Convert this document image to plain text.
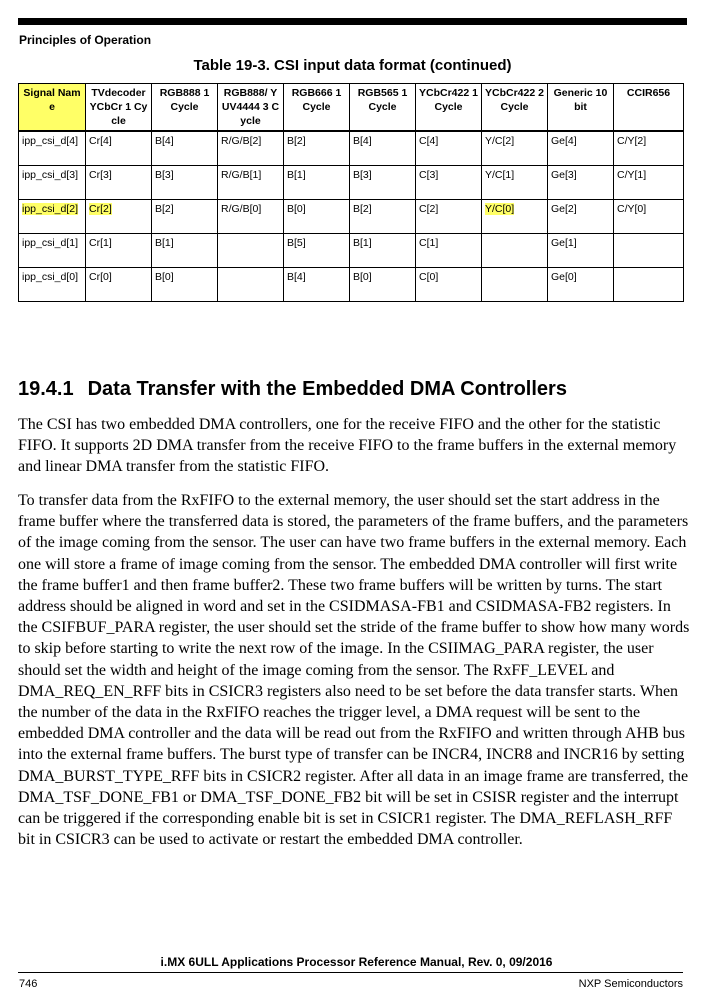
Principles of Operation
Table 19-3. CSI input data format (continued)
Signal Name	TVdecoder YCbCr 1 Cycle	RGB888 1 Cycle	RGB888/ YUV4444 3 Cycle	RGB666 1 Cycle	RGB565 1 Cycle	YCbCr422 1 Cycle	YCbCr422 2 Cycle	Generic 10 bit	CCIR656
ipp_csi_d[4]	Cr[4]	B[4]	R/G/B[2]	B[2]	B[4]	C[4]	Y/C[2]	Ge[4]	C/Y[2]
ipp_csi_d[3]	Cr[3]	B[3]	R/G/B[1]	B[1]	B[3]	C[3]	Y/C[1]	Ge[3]	C/Y[1]
ipp_csi_d[2]	Cr[2]	B[2]	R/G/B[0]	B[0]	B[2]	C[2]	Y/C[0]	Ge[2]	C/Y[0]
ipp_csi_d[1]	Cr[1]	B[1]		B[5]	B[1]	C[1]		Ge[1]	
ipp_csi_d[0]	Cr[0]	B[0]		B[4]	B[0]	C[0]		Ge[0]	
19.4.1 Data Transfer with the Embedded DMA Controllers
The CSI has two embedded DMA controllers, one for the receive FIFO and the other for the statistic FIFO. It supports 2D DMA transfer from the receive FIFO to the frame buffers in the external memory and linear DMA transfer from the statistic FIFO.
To transfer data from the RxFIFO to the external memory, the user should set the start address in the frame buffer where the transferred data is stored, the parameters of the frame buffers, and the parameters of the image coming from the sensor. The user can have two frame buffers in the external memory. Each one will store a frame of image coming from the sensor. The embedded DMA controller will first write the frame buffer1 and then frame buffer2. These two frame buffers will be written by turns. The start address should be aligned in word and set in the CSIDMASA-FB1 and CSIDMASA-FB2 registers. In the CSIFBUF_PARA register, the user should set the stride of the frame buffer to show how many words to skip before starting to write the next row of the image. In the CSIIMAG_PARA register, the user should set the width and height of the image coming from the sensor. The RxFF_LEVEL and DMA_REQ_EN_RFF bits in CSICR3 registers also need to be set before the data transfer starts. When the number of the data in the RxFIFO reaches the trigger level, a DMA request will be sent to the embedded DMA controller and the data will be read out from the RxFIFO and written through AHB bus into the external frame buffers. The burst type of transfer can be INCR4, INCR8 and INCR16 by setting DMA_BURST_TYPE_RFF bits in CSICR2 register. After all data in an image frame are transferred, the DMA_TSF_DONE_FB1 or DMA_TSF_DONE_FB2 bit will be set in CSISR register and the interrupt can be triggered if the corresponding enable bit is set in CSICR1 register. The DMA_REFLASH_RFF bit in CSICR3 can be used to activate or restart the embedded DMA controller.
i.MX 6ULL Applications Processor Reference Manual, Rev. 0, 09/2016
746	NXP Semiconductors
